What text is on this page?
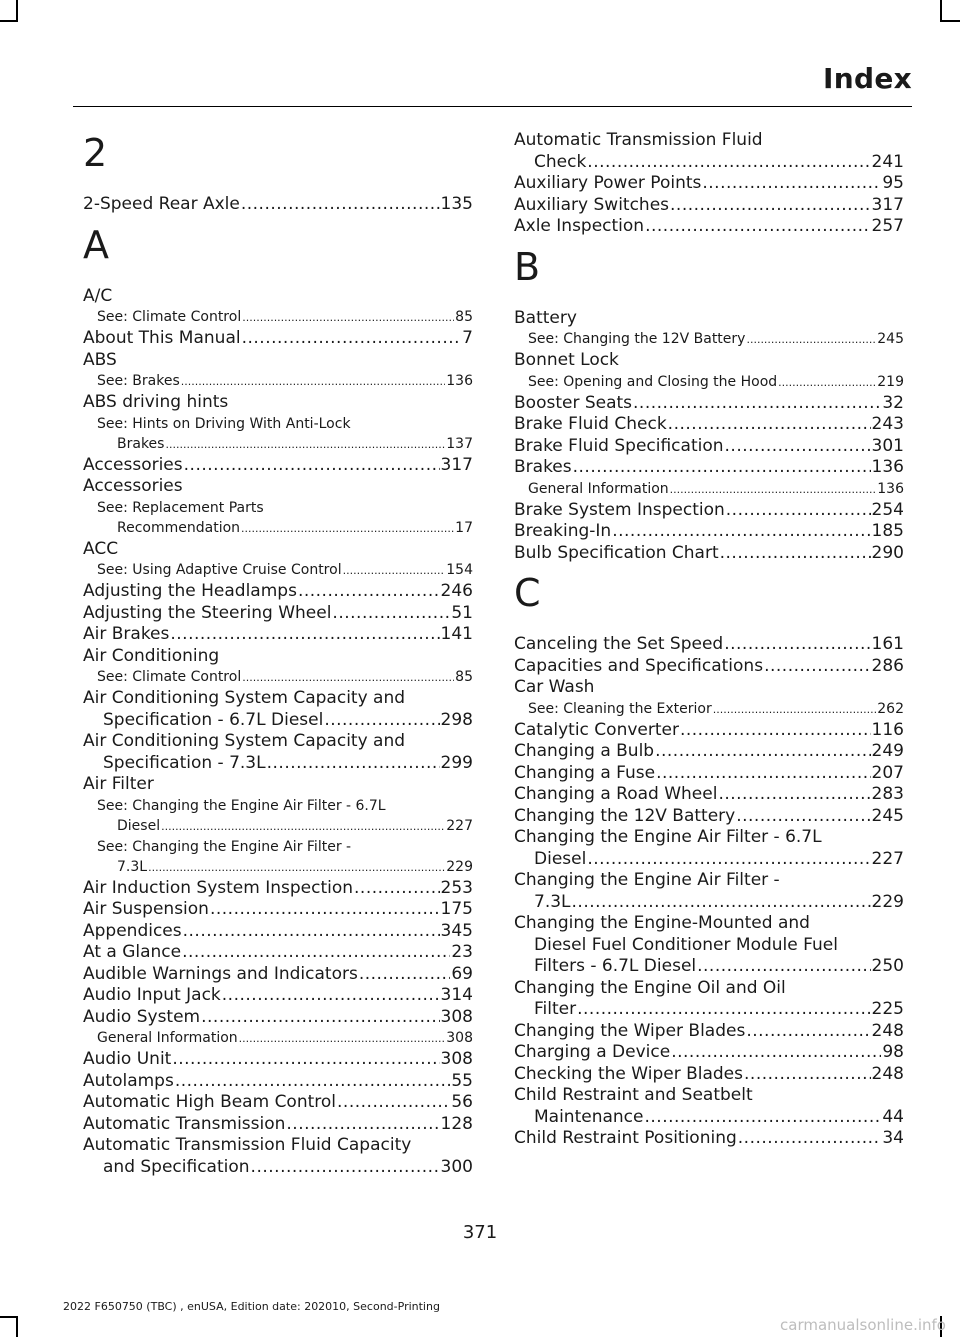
Index
2
2-Speed Rear Axle .....	135
A
A/C
See: Climate Control .....	85
About This Manual .....	7
ABS
See: Brakes .....	136
ABS driving hints
See: Hints on Driving With Anti-Lock
Brakes .....	137
Accessories .....	317
Accessories
See: Replacement Parts
Recommendation .....	17
ACC
See: Using Adaptive Cruise Control .....	154
Adjusting the Headlamps .....	246
Adjusting the Steering Wheel .....	51
Air Brakes .....	141
Air Conditioning
See: Climate Control .....	85
Air Conditioning System Capacity and
Specification - 6.7L Diesel .....	298
Air Conditioning System Capacity and
Specification - 7.3L .....	299
Air Filter
See: Changing the Engine Air Filter - 6.7L
Diesel .....	227
See: Changing the Engine Air Filter -
7.3L .....	229
Air Induction System Inspection .....	253
Air Suspension .....	175
Appendices .....	345
At a Glance .....	23
Audible Warnings and Indicators .....	69
Audio Input Jack .....	314
Audio System .....	308
General Information .....	308
Audio Unit .....	308
Autolamps .....	55
Automatic High Beam Control .....	56
Automatic Transmission .....	128
Automatic Transmission Fluid Capacity
and Specification .....	300
Automatic Transmission Fluid
Check .....	241
Auxiliary Power Points .....	95
Auxiliary Switches .....	317
Axle Inspection .....	257
B
Battery
See: Changing the 12V Battery .....	245
Bonnet Lock
See: Opening and Closing the Hood .....	219
Booster Seats .....	32
Brake Fluid Check .....	243
Brake Fluid Specification .....	301
Brakes .....	136
General Information .....	136
Brake System Inspection .....	254
Breaking-In .....	185
Bulb Specification Chart .....	290
C
Canceling the Set Speed .....	161
Capacities and Specifications .....	286
Car Wash
See: Cleaning the Exterior .....	262
Catalytic Converter .....	116
Changing a Bulb .....	249
Changing a Fuse .....	207
Changing a Road Wheel .....	283
Changing the 12V Battery .....	245
Changing the Engine Air Filter - 6.7L
Diesel .....	227
Changing the Engine Air Filter -
7.3L .....	229
Changing the Engine-Mounted and
Diesel Fuel Conditioner Module Fuel
Filters - 6.7L Diesel .....	250
Changing the Engine Oil and Oil
Filter .....	225
Changing the Wiper Blades .....	248
Charging a Device .....	98
Checking the Wiper Blades .....	248
Child Restraint and Seatbelt
Maintenance .....	44
Child Restraint Positioning .....	34
371
2022 F650750 (TBC) , enUSA, Edition date: 202010, Second-Printing
carmanualsonline.info
